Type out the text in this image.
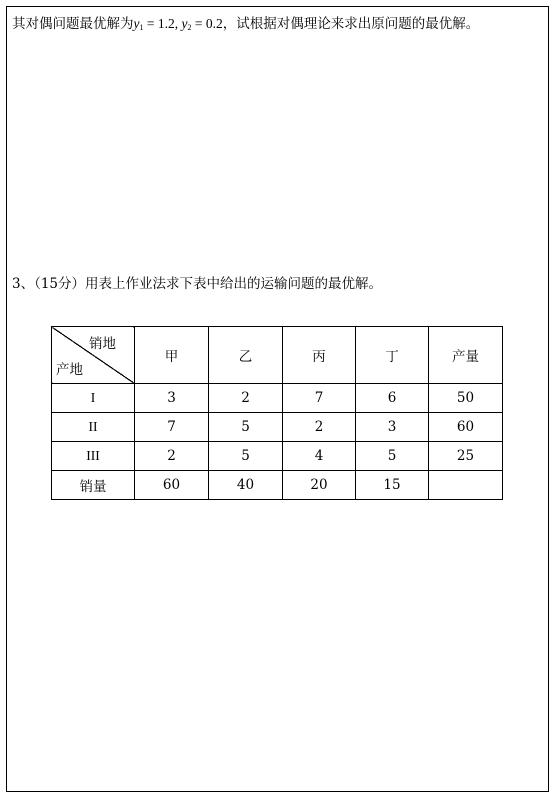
其对偶问题最优解为$y_1 = 1.2$, $y_2 = 0.2$，试根据对偶理论来求出原问题的最优解。
3、（15分）用表上作业法求下表中给出的运输问题的最优解。
销地
产地	甲	乙	丙	丁	产量
I	3	2	7	6	50
II	7	5	2	3	60
III	2	5	4	5	25
销量	60	40	20	15	
